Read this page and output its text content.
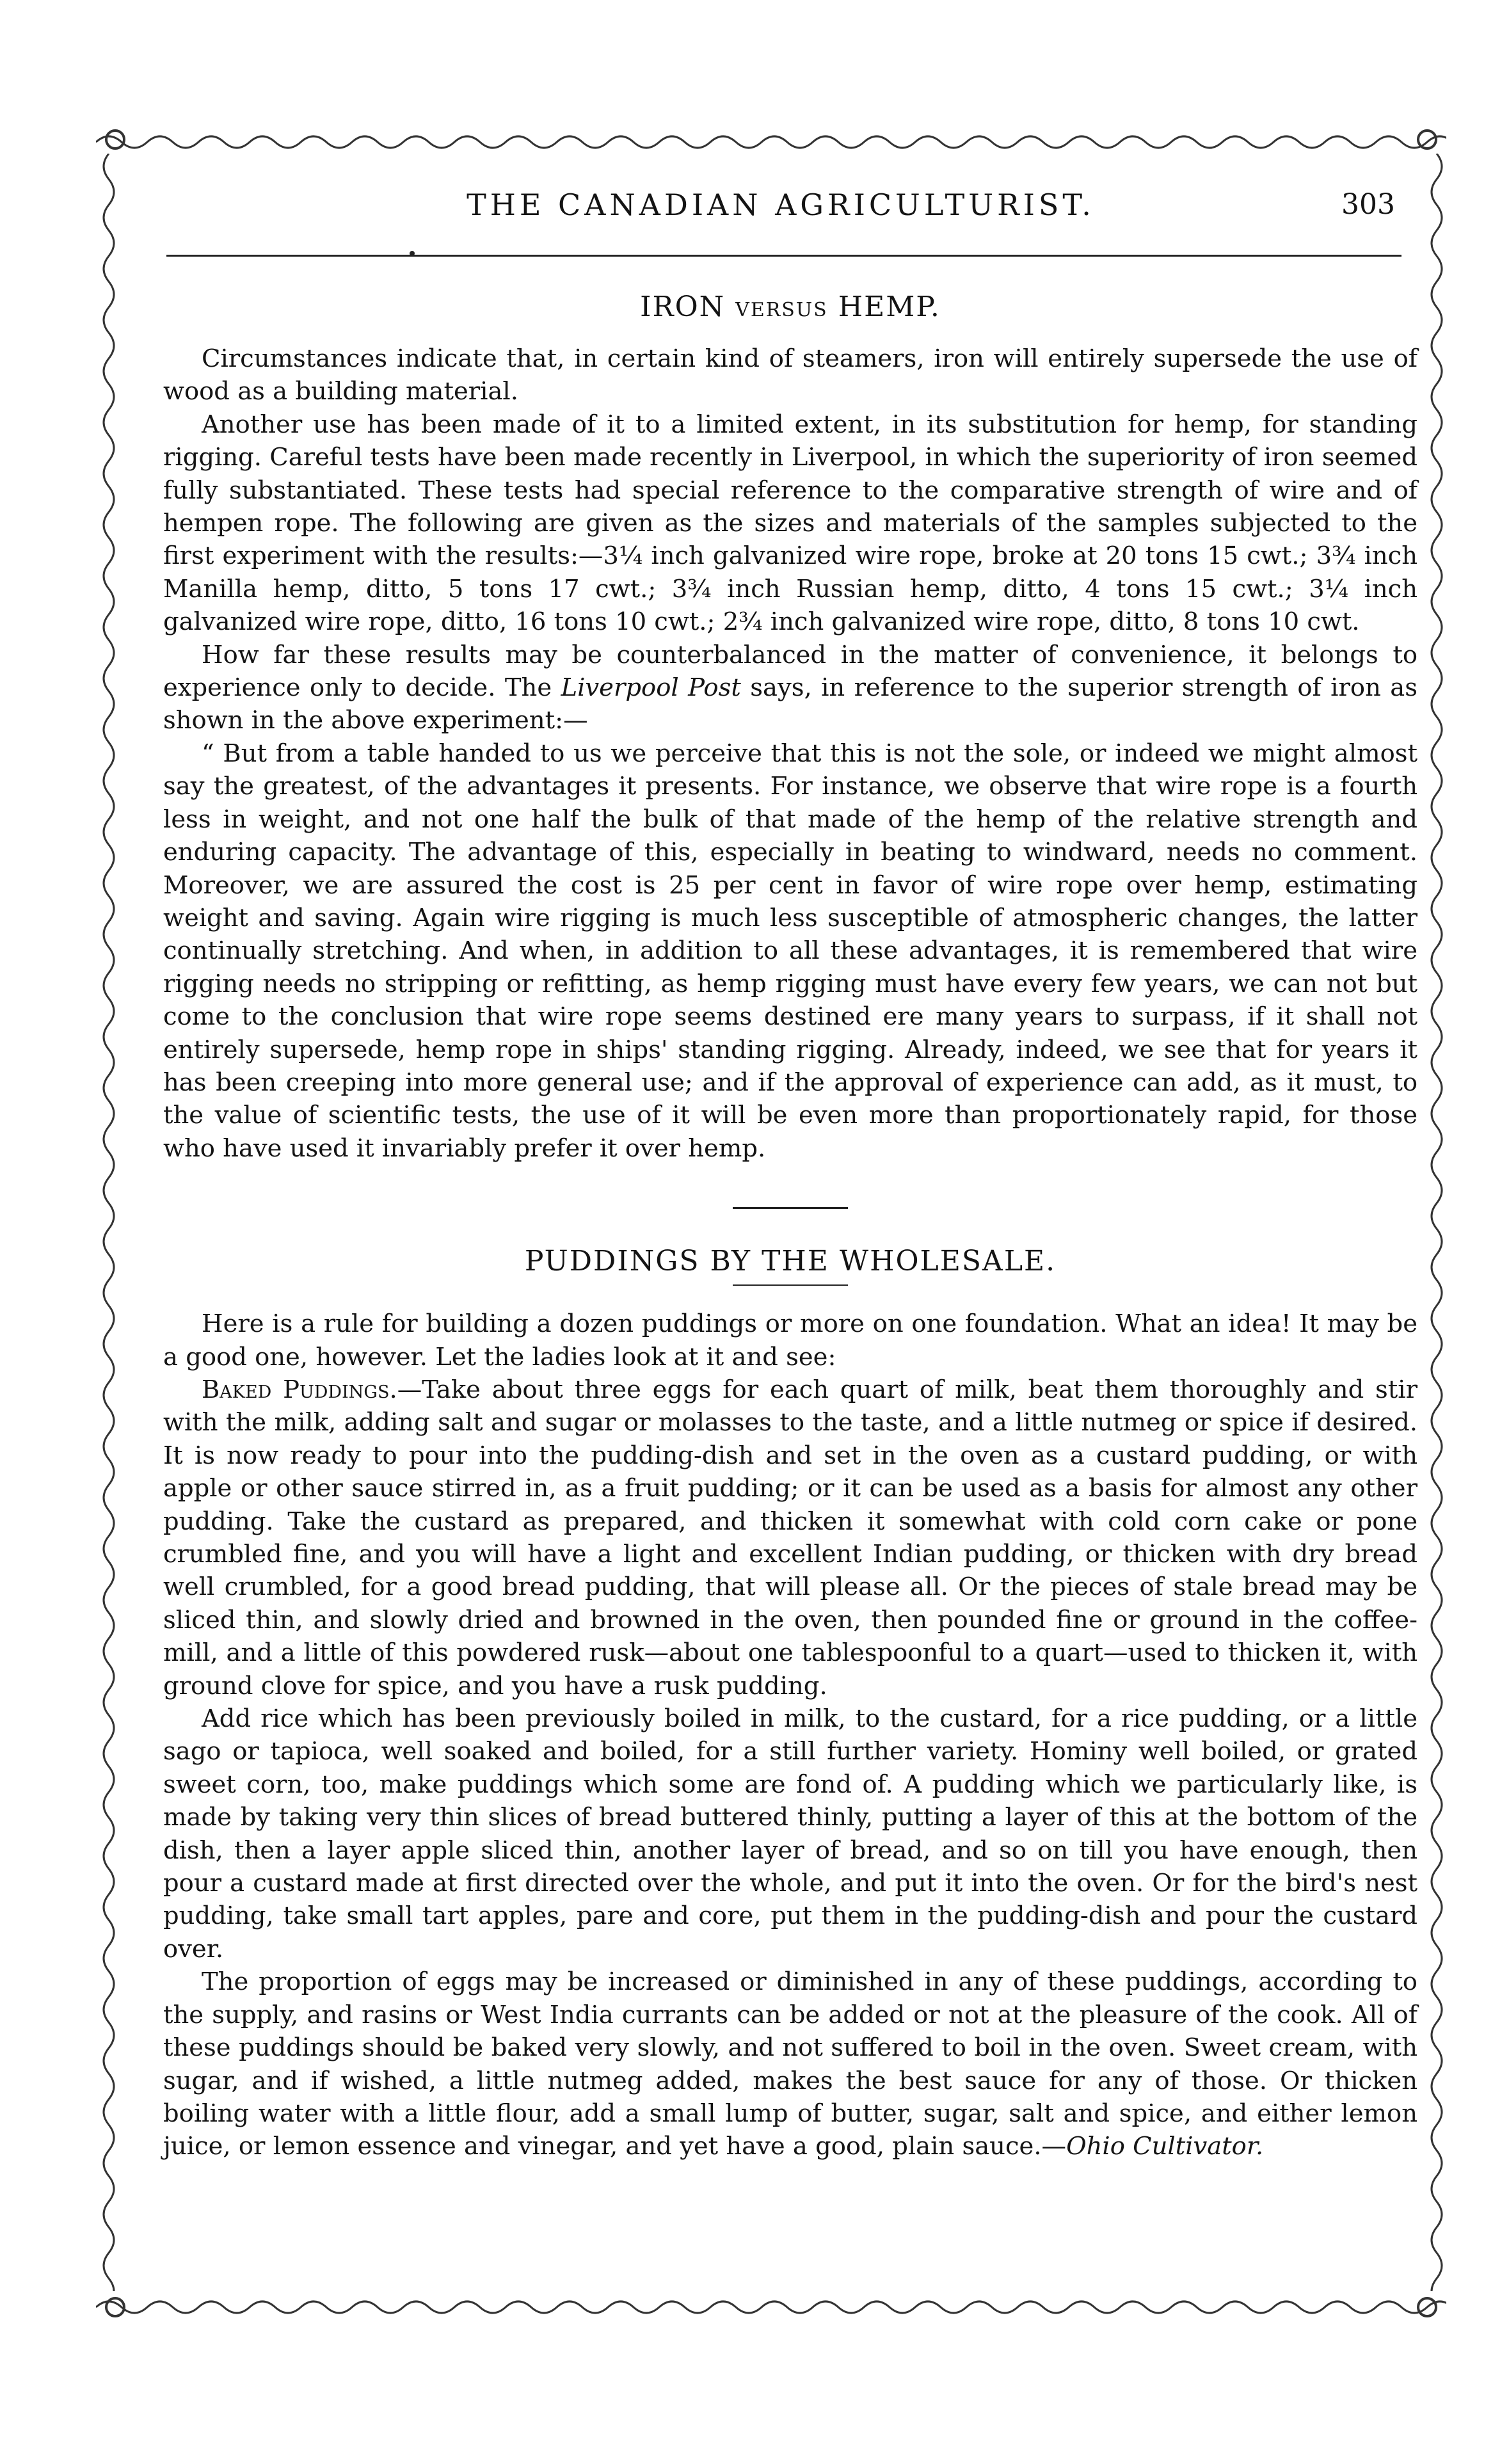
THE CANADIAN AGRICULTURIST.	303
IRON VERSUS HEMP.

Circumstances indicate that, in certain kind of steamers, iron will entirely supersede the use of wood as a building material.

Another use has been made of it to a limited extent, in its substitution for hemp, for standing rigging. Careful tests have been made recently in Liverpool, in which the superiority of iron seemed fully substantiated. These tests had special reference to the comparative strength of wire and of hempen rope. The following are given as the sizes and materials of the samples subjected to the first experiment with the results:—3¼ inch galvanized wire rope, broke at 20 tons 15 cwt.; 3¾ inch Manilla hemp, ditto, 5 tons 17 cwt.; 3¾ inch Russian hemp, ditto, 4 tons 15 cwt.; 3¼ inch galvanized wire rope, ditto, 16 tons 10 cwt.; 2¾ inch galvanized wire rope, ditto, 8 tons 10 cwt.

How far these results may be counterbalanced in the matter of convenience, it belongs to experience only to decide. The Liverpool Post says, in reference to the superior strength of iron as shown in the above experiment:—

“ But from a table handed to us we perceive that this is not the sole, or indeed we might almost say the greatest, of the advantages it presents. For instance, we observe that wire rope is a fourth less in weight, and not one half the bulk of that made of the hemp of the relative strength and enduring capacity. The advantage of this, especially in beating to windward, needs no comment. Moreover, we are assured the cost is 25 per cent in favor of wire rope over hemp, estimating weight and saving. Again wire rigging is much less susceptible of atmospheric changes, the latter continually stretching. And when, in addition to all these advantages, it is remembered that wire rigging needs no stripping or refitting, as hemp rigging must have every few years, we can not but come to the conclusion that wire rope seems destined ere many years to surpass, if it shall not entirely supersede, hemp rope in ships' standing rigging. Already, indeed, we see that for years it has been creeping into more general use; and if the approval of experience can add, as it must, to the value of scientific tests, the use of it will be even more than proportionately rapid, for those who have used it invariably prefer it over hemp.

PUDDINGS BY THE WHOLESALE.

Here is a rule for building a dozen puddings or more on one foundation. What an idea! It may be a good one, however. Let the ladies look at it and see:

Baked Puddings.—Take about three eggs for each quart of milk, beat them thoroughly and stir with the milk, adding salt and sugar or molasses to the taste, and a little nutmeg or spice if desired. It is now ready to pour into the pudding-dish and set in the oven as a custard pudding, or with apple or other sauce stirred in, as a fruit pudding; or it can be used as a basis for almost any other pudding. Take the custard as prepared, and thicken it somewhat with cold corn cake or pone crumbled fine, and you will have a light and excellent Indian pudding, or thicken with dry bread well crumbled, for a good bread pudding, that will please all. Or the pieces of stale bread may be sliced thin, and slowly dried and browned in the oven, then pounded fine or ground in the coffee-mill, and a little of this powdered rusk—about one tablespoonful to a quart—used to thicken it, with ground clove for spice, and you have a rusk pudding.

Add rice which has been previously boiled in milk, to the custard, for a rice pudding, or a little sago or tapioca, well soaked and boiled, for a still further variety. Hominy well boiled, or grated sweet corn, too, make puddings which some are fond of. A pudding which we particularly like, is made by taking very thin slices of bread buttered thinly, putting a layer of this at the bottom of the dish, then a layer apple sliced thin, another layer of bread, and so on till you have enough, then pour a custard made at first directed over the whole, and put it into the oven. Or for the bird's nest pudding, take small tart apples, pare and core, put them in the pudding-dish and pour the custard over.

The proportion of eggs may be increased or diminished in any of these puddings, according to the supply, and rasins or West India currants can be added or not at the pleasure of the cook. All of these puddings should be baked very slowly, and not suffered to boil in the oven. Sweet cream, with sugar, and if wished, a little nutmeg added, makes the best sauce for any of those. Or thicken boiling water with a little flour, add a small lump of butter, sugar, salt and spice, and either lemon juice, or lemon essence and vinegar, and yet have a good, plain sauce.—Ohio Cultivator.
